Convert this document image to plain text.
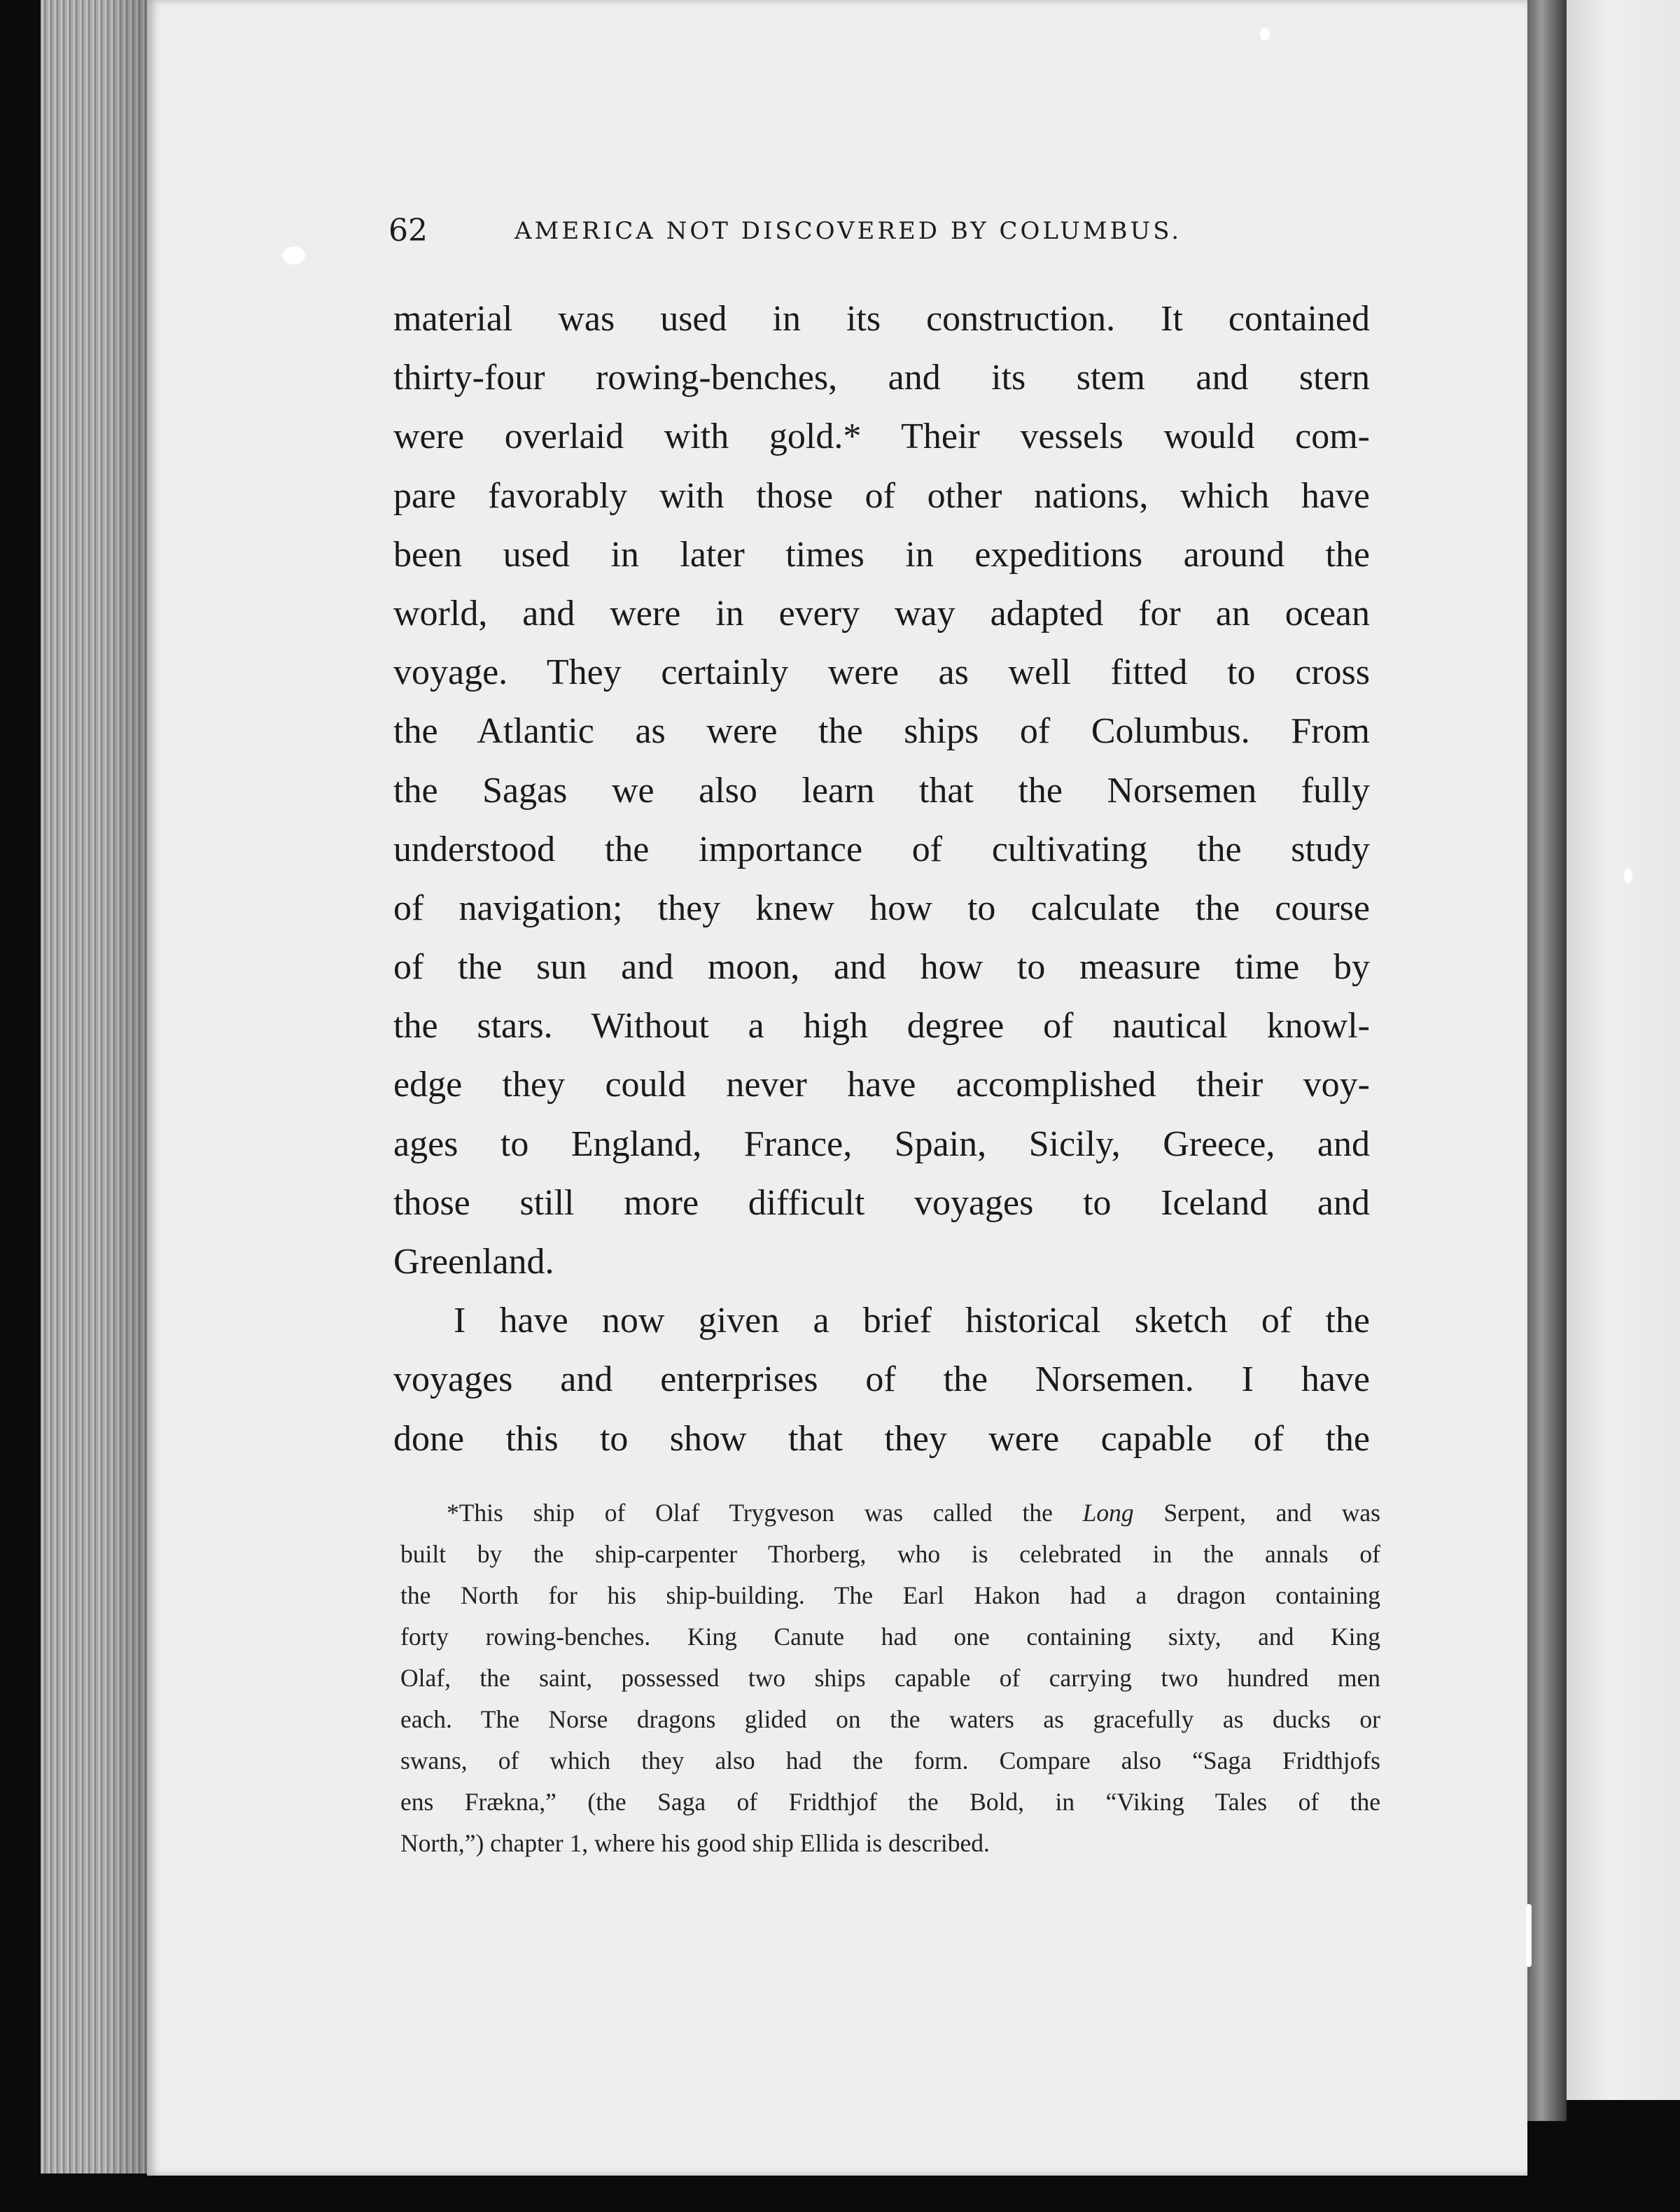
62	AMERICA NOT DISCOVERED BY COLUMBUS.
material was used in its construction. It contained
thirty-four rowing-benches, and its stem and stern
were overlaid with gold.* Their vessels would com-
pare favorably with those of other nations, which have
been used in later times in expeditions around the
world, and were in every way adapted for an ocean
voyage. They certainly were as well fitted to cross
the Atlantic as were the ships of Columbus. From
the Sagas we also learn that the Norsemen fully
understood the importance of cultivating the study
of navigation; they knew how to calculate the course
of the sun and moon, and how to measure time by
the stars. Without a high degree of nautical knowl-
edge they could never have accomplished their voy-
ages to England, France, Spain, Sicily, Greece, and
those still more difficult voyages to Iceland and
Greenland.
I have now given a brief historical sketch of the
voyages and enterprises of the Norsemen. I have
done this to show that they were capable of the
*This ship of Olaf Trygveson was called the Long Serpent, and was
built by the ship-carpenter Thorberg, who is celebrated in the annals of
the North for his ship-building. The Earl Hakon had a dragon containing
forty rowing-benches. King Canute had one containing sixty, and King
Olaf, the saint, possessed two ships capable of carrying two hundred men
each. The Norse dragons glided on the waters as gracefully as ducks or
swans, of which they also had the form. Compare also “Saga Fridthjofs
ens Frækna,” (the Saga of Fridthjof the Bold, in “Viking Tales of the
North,”) chapter 1, where his good ship Ellida is described.
